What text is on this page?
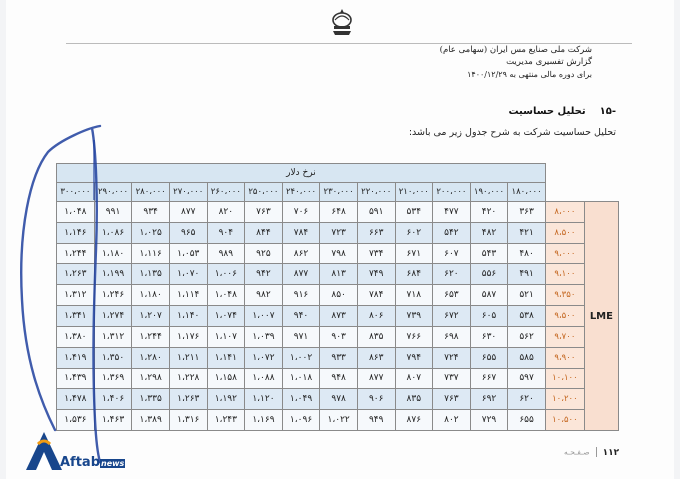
شرکت ملی صنایع مس ایران (سهامی عام)
گزارش تفسیری مدیریت
برای دوره مالی منتهی به ۱۴۰۰/۱۲/۲۹
-۱۵تحلیل حساسیت
تحلیل حساسیت شرکت به شرح جدول زیر می باشد:
		نرخ دلار												
		۱۸۰،۰۰۰	۱۹۰،۰۰۰	۲۰۰،۰۰۰	۲۱۰،۰۰۰	۲۲۰،۰۰۰	۲۳۰،۰۰۰	۲۴۰،۰۰۰	۲۵۰،۰۰۰	۲۶۰،۰۰۰	۲۷۰،۰۰۰	۲۸۰،۰۰۰	۲۹۰،۰۰۰	۳۰۰،۰۰۰
LME	۸،۰۰۰	۳۶۳	۴۲۰	۴۷۷	۵۳۴	۵۹۱	۶۴۸	۷۰۶	۷۶۳	۸۲۰	۸۷۷	۹۳۴	۹۹۱	۱،۰۴۸
	۸،۵۰۰	۴۲۱	۴۸۲	۵۴۲	۶۰۲	۶۶۳	۷۲۳	۷۸۴	۸۴۴	۹۰۴	۹۶۵	۱،۰۲۵	۱،۰۸۶	۱،۱۴۶
	۹،۰۰۰	۴۸۰	۵۴۳	۶۰۷	۶۷۱	۷۳۴	۷۹۸	۸۶۲	۹۲۵	۹۸۹	۱،۰۵۳	۱،۱۱۶	۱،۱۸۰	۱،۲۴۴
	۹،۱۰۰	۴۹۱	۵۵۶	۶۲۰	۶۸۴	۷۴۹	۸۱۳	۸۷۷	۹۴۲	۱،۰۰۶	۱،۰۷۰	۱،۱۳۵	۱،۱۹۹	۱،۲۶۳
	۹،۳۵۰	۵۲۱	۵۸۷	۶۵۳	۷۱۸	۷۸۴	۸۵۰	۹۱۶	۹۸۲	۱،۰۴۸	۱،۱۱۴	۱،۱۸۰	۱،۲۴۶	۱،۳۱۲
	۹،۵۰۰	۵۳۸	۶۰۵	۶۷۲	۷۳۹	۸۰۶	۸۷۳	۹۴۰	۱،۰۰۷	۱،۰۷۴	۱،۱۴۰	۱،۲۰۷	۱،۲۷۴	۱،۳۴۱
	۹،۷۰۰	۵۶۲	۶۳۰	۶۹۸	۷۶۶	۸۳۵	۹۰۳	۹۷۱	۱،۰۳۹	۱،۱۰۷	۱،۱۷۶	۱،۲۴۴	۱،۳۱۲	۱،۳۸۰
	۹،۹۰۰	۵۸۵	۶۵۵	۷۲۴	۷۹۴	۸۶۳	۹۳۳	۱،۰۰۲	۱،۰۷۲	۱،۱۴۱	۱،۲۱۱	۱،۲۸۰	۱،۳۵۰	۱،۴۱۹
	۱۰،۱۰۰	۵۹۷	۶۶۷	۷۳۷	۸۰۷	۸۷۷	۹۴۸	۱،۰۱۸	۱،۰۸۸	۱،۱۵۸	۱،۲۲۸	۱،۲۹۸	۱،۳۶۹	۱،۴۳۹
	۱۰،۲۰۰	۶۲۰	۶۹۲	۷۶۳	۸۳۵	۹۰۶	۹۷۸	۱،۰۴۹	۱،۱۲۰	۱،۱۹۲	۱،۲۶۳	۱،۳۳۵	۱،۴۰۶	۱،۴۷۸
	۱۰،۵۰۰	۶۵۵	۷۲۹	۸۰۲	۸۷۶	۹۴۹	۱،۰۲۲	۱،۰۹۶	۱،۱۶۹	۱،۲۴۳	۱،۳۱۶	۱،۳۸۹	۱،۴۶۳	۱،۵۳۶
۱۱۲صـفـحـه
Aftabnews
